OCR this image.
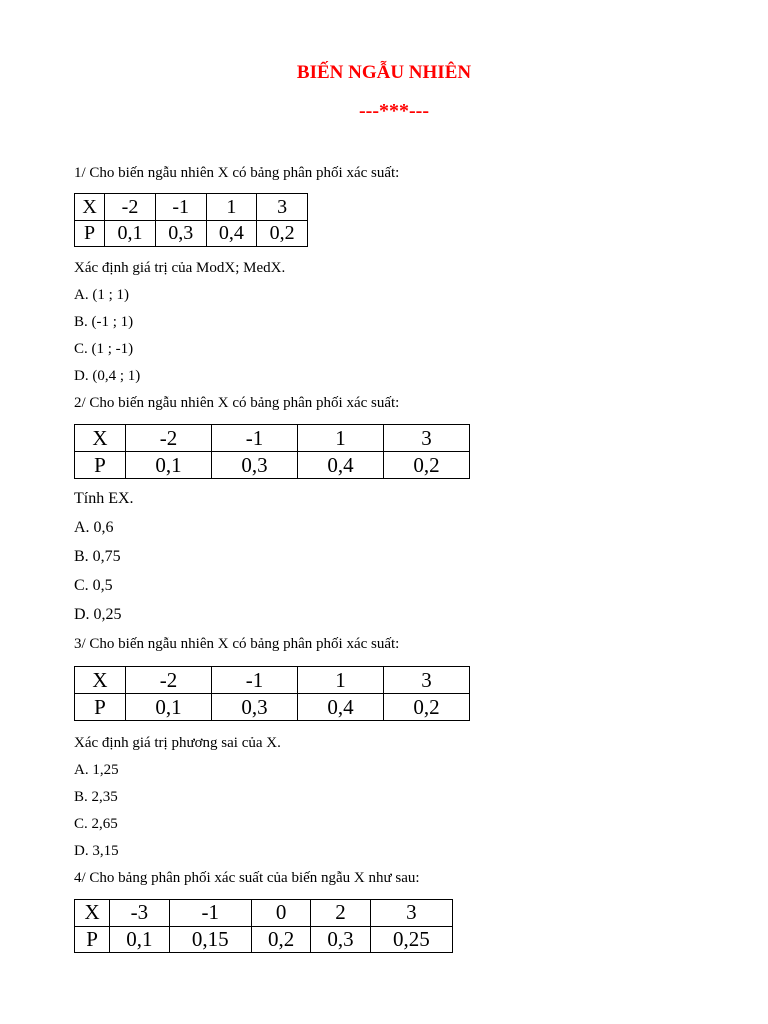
BIẾN NGẪU NHIÊN
---***---
1/ Cho biến ngẫu nhiên X có bảng phân phối xác suất:
X	-2	-1	1	3
P	0,1	0,3	0,4	0,2
Xác định giá trị của ModX; MedX.
A. (1 ; 1)
B. (-1 ; 1)
C. (1 ; -1)
D. (0,4 ; 1)
2/ Cho biến ngẫu nhiên X có bảng phân phối xác suất:
X	-2	-1	1	3
P	0,1	0,3	0,4	0,2
Tính EX.
A. 0,6
B. 0,75
C. 0,5
D. 0,25
3/ Cho biến ngẫu nhiên X có bảng phân phối xác suất:
X	-2	-1	1	3
P	0,1	0,3	0,4	0,2
Xác định giá trị phương sai của X.
A. 1,25
B. 2,35
C. 2,65
D. 3,15
4/ Cho bảng phân phối xác suất của biến ngẫu X như sau:
X	-3	-1	0	2	3
P	0,1	0,15	0,2	0,3	0,25
